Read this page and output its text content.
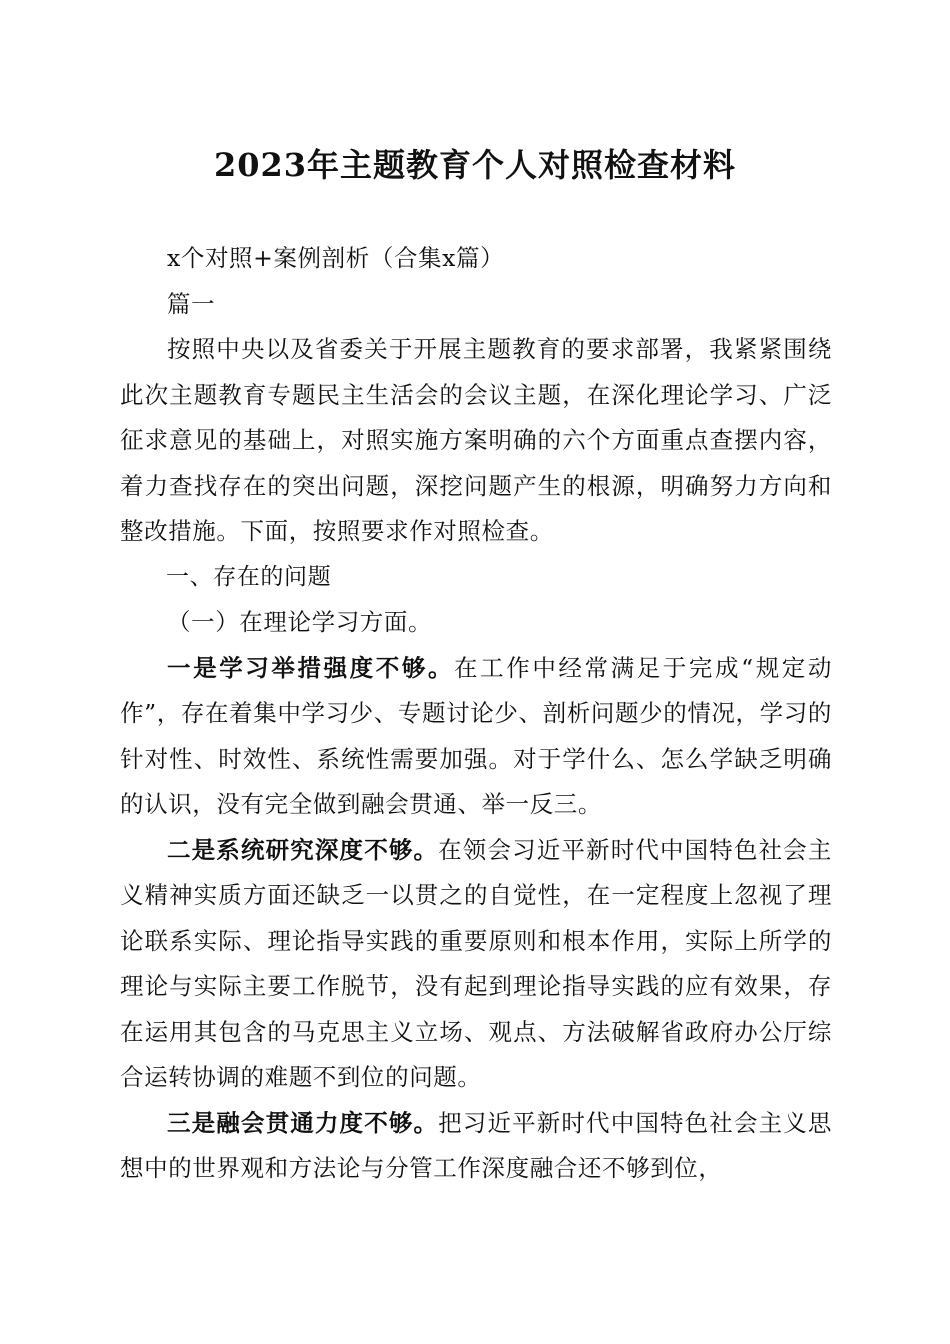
2023年主题教育个人对照检查材料

x个对照+案例剖析（合集x篇）

篇一

按照中央以及省委关于开展主题教育的要求部署，我紧紧围绕此次主题教育专题民主生活会的会议主题，在深化理论学习、广泛征求意见的基础上，对照实施方案明确的六个方面重点查摆内容，着力查找存在的突出问题，深挖问题产生的根源，明确努力方向和整改措施。下面，按照要求作对照检查。

一、存在的问题

（一）在理论学习方面。

一是学习举措强度不够。在工作中经常满足于完成“规定动作”，存在着集中学习少、专题讨论少、剖析问题少的情况，学习的针对性、时效性、系统性需要加强。对于学什么、怎么学缺乏明确的认识，没有完全做到融会贯通、举一反三。

二是系统研究深度不够。在领会习近平新时代中国特色社会主义精神实质方面还缺乏一以贯之的自觉性，在一定程度上忽视了理论联系实际、理论指导实践的重要原则和根本作用，实际上所学的理论与实际主要工作脱节，没有起到理论指导实践的应有效果，存在运用其包含的马克思主义立场、观点、方法破解省政府办公厅综合运转协调的难题不到位的问题。

三是融会贯通力度不够。把习近平新时代中国特色社会主义思想中的世界观和方法论与分管工作深度融合还不够到位，
